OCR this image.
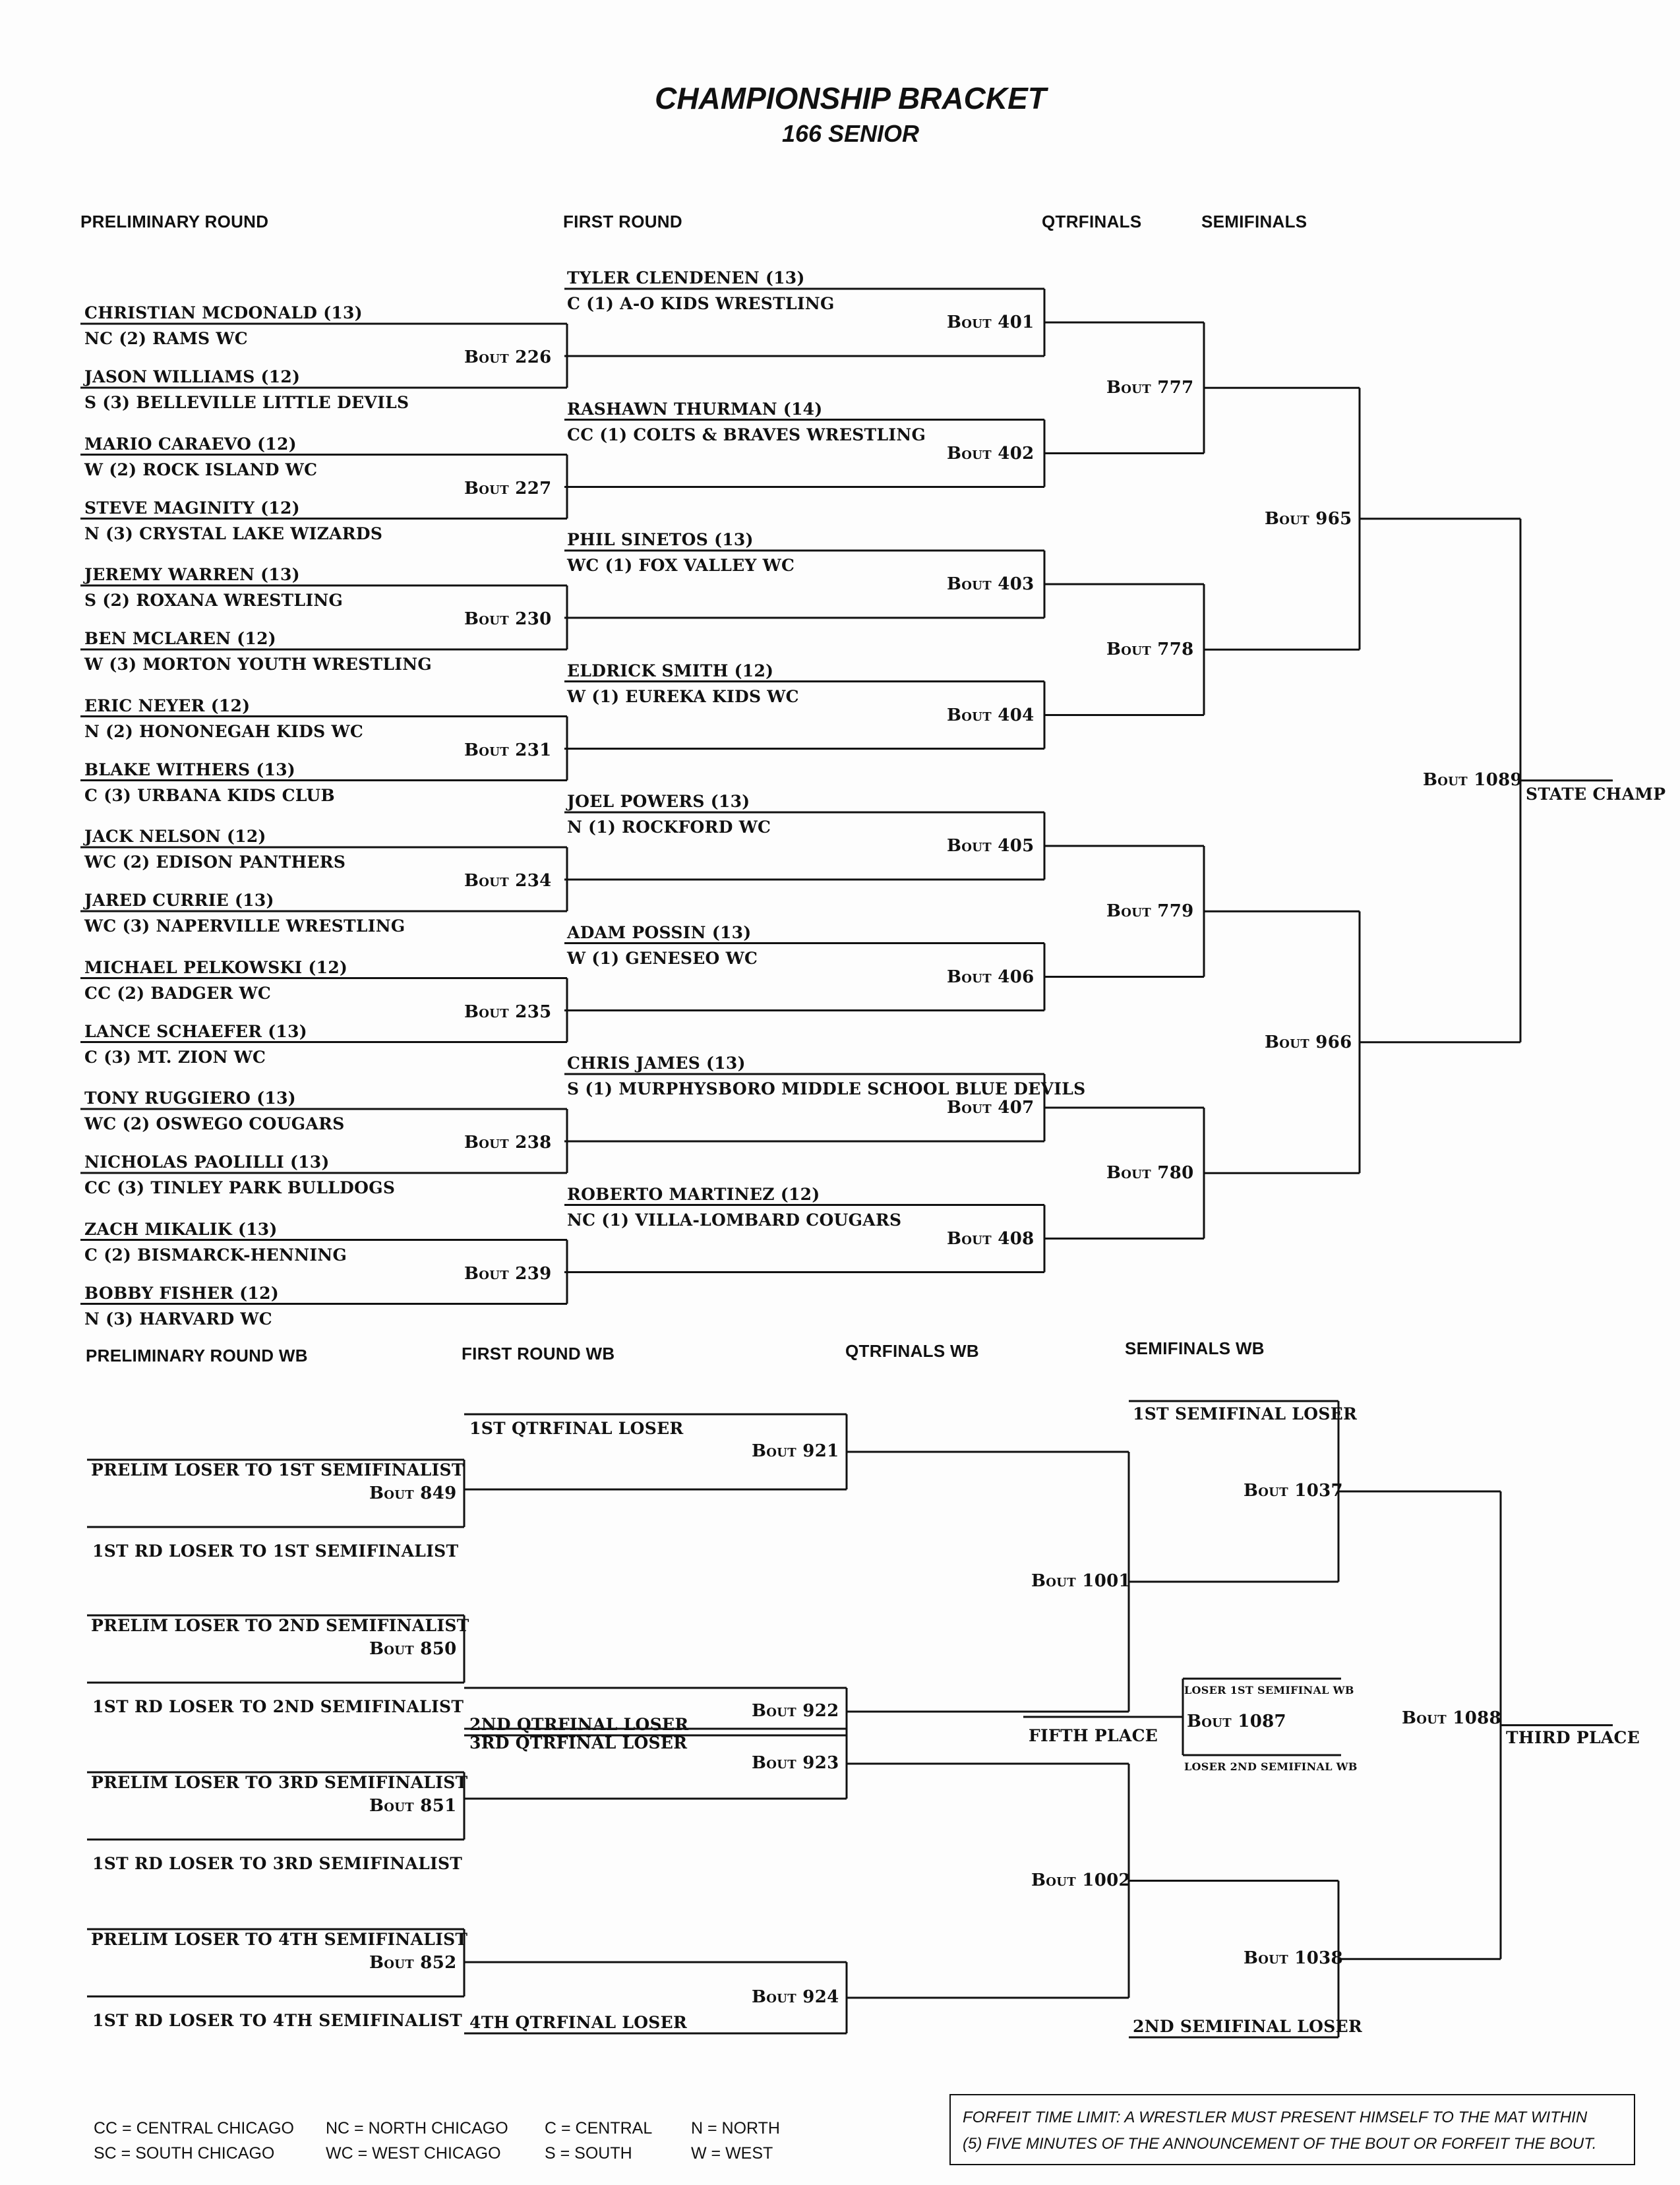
CHAMPIONSHIP BRACKET
166 SENIOR
PRELIMINARY ROUND	FIRST ROUND	QTRFINALS	SEMIFINALS
PRELIMINARY ROUND WB	FIRST ROUND WB	QTRFINALS WB	SEMIFINALS WB
CHRISTIAN MCDONALD (13)
NC (2) RAMS WC
JASON WILLIAMS (12)
S (3) BELLEVILLE LITTLE DEVILS
Bout 226
MARIO CARAEVO (12)
W (2) ROCK ISLAND WC
STEVE MAGINITY (12)
N (3) CRYSTAL LAKE WIZARDS
Bout 227
JEREMY WARREN (13)
S (2) ROXANA WRESTLING
BEN MCLAREN (12)
W (3) MORTON YOUTH WRESTLING
Bout 230
ERIC NEYER (12)
N (2) HONONEGAH KIDS WC
BLAKE WITHERS (13)
C (3) URBANA KIDS CLUB
Bout 231
JACK NELSON (12)
WC (2) EDISON PANTHERS
JARED CURRIE (13)
WC (3) NAPERVILLE WRESTLING
Bout 234
MICHAEL PELKOWSKI (12)
CC (2) BADGER WC
LANCE SCHAEFER (13)
C (3) MT. ZION WC
Bout 235
TONY RUGGIERO (13)
WC (2) OSWEGO COUGARS
NICHOLAS PAOLILLI (13)
CC (3) TINLEY PARK BULLDOGS
Bout 238
ZACH MIKALIK (13)
C (2) BISMARCK-HENNING
BOBBY FISHER (12)
N (3) HARVARD WC
Bout 239
TYLER CLENDENEN (13)
C (1) A-O KIDS WRESTLING
Bout 401
RASHAWN THURMAN (14)
CC (1) COLTS & BRAVES WRESTLING
Bout 402
PHIL SINETOS (13)
WC (1) FOX VALLEY WC
Bout 403
ELDRICK SMITH (12)
W (1) EUREKA KIDS WC
Bout 404
JOEL POWERS (13)
N (1) ROCKFORD WC
Bout 405
ADAM POSSIN (13)
W (1) GENESEO WC
Bout 406
CHRIS JAMES (13)
S (1) MURPHYSBORO MIDDLE SCHOOL BLUE DEVILS
Bout 407
ROBERTO MARTINEZ (12)
NC (1) VILLA-LOMBARD COUGARS
Bout 408
Bout 777
Bout 778
Bout 779
Bout 780
Bout 965
Bout 966
Bout 1089
STATE CHAMP
PRELIM LOSER TO 1ST SEMIFINALIST
Bout 849
1ST RD LOSER TO 1ST SEMIFINALIST
PRELIM LOSER TO 2ND SEMIFINALIST
Bout 850
1ST RD LOSER TO 2ND SEMIFINALIST
PRELIM LOSER TO 3RD SEMIFINALIST
Bout 851
1ST RD LOSER TO 3RD SEMIFINALIST
PRELIM LOSER TO 4TH SEMIFINALIST
Bout 852
1ST RD LOSER TO 4TH SEMIFINALIST
1ST QTRFINAL LOSER
Bout 921
2ND QTRFINAL LOSER
Bout 922
3RD QTRFINAL LOSER
Bout 923
4TH QTRFINAL LOSER
Bout 924
Bout 1001
Bout 1002
1ST SEMIFINAL LOSER
Bout 1037
2ND SEMIFINAL LOSER
Bout 1038
Bout 1088
THIRD PLACE
LOSER 1ST SEMIFINAL WB
Bout 1087
LOSER 2ND SEMIFINAL WB
FIFTH PLACE
CC = CENTRAL CHICAGO NC = NORTH CHICAGO C = CENTRAL N = NORTH
SC = SOUTH CHICAGO	WC = WEST CHICAGO	S = SOUTH	W = WEST
FORFEIT TIME LIMIT: A WRESTLER MUST PRESENT HIMSELF TO THE MAT WITHIN
(5) FIVE MINUTES OF THE ANNOUNCEMENT OF THE BOUT OR FORFEIT THE BOUT.
